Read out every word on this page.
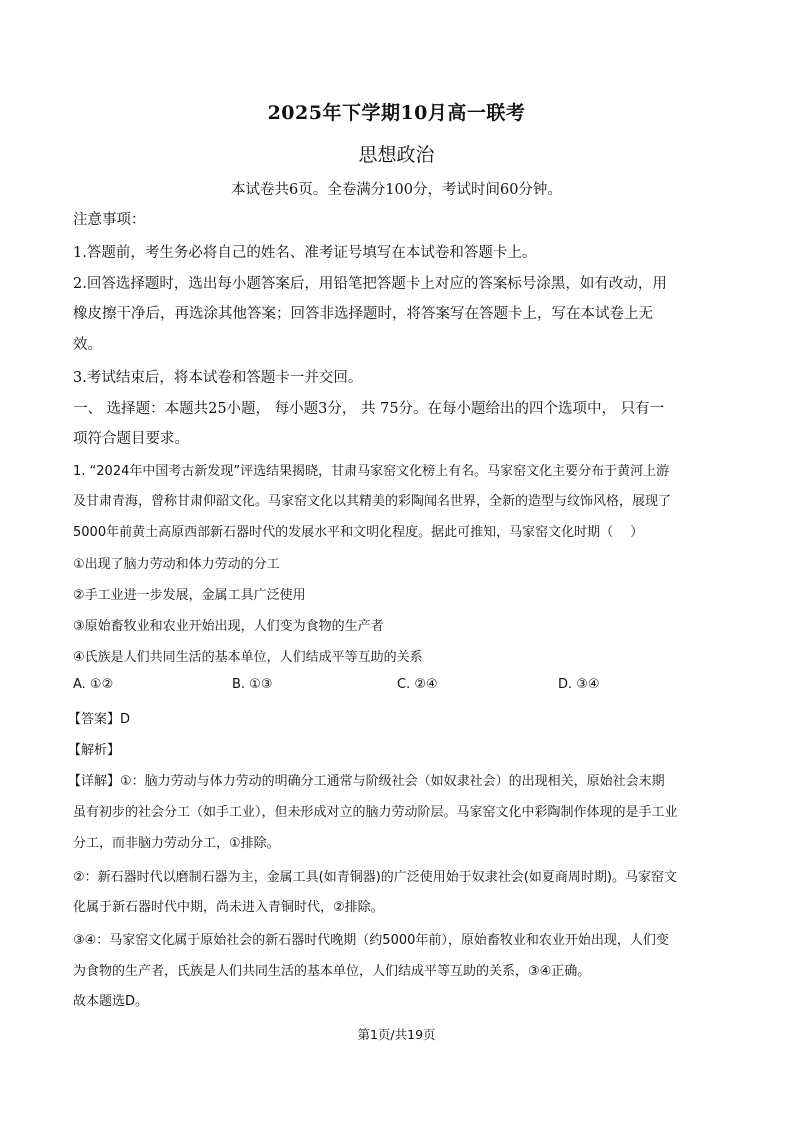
2025年下学期10月高一联考
思想政治
本试卷共6页。全卷满分100分，考试时间60分钟。
注意事项：
1.答题前，考生务必将自己的姓名、准考证号填写在本试卷和答题卡上。
2.回答选择题时，选出每小题答案后，用铅笔把答题卡上对应的答案标号涂黑，如有改动，用
橡皮擦干净后，再选涂其他答案；回答非选择题时，将答案写在答题卡上，写在本试卷上无
效。
3.考试结束后，将本试卷和答题卡一并交回。
一、 选择题：本题共25小题， 每小题3分， 共 75分。在每小题给出的四个选项中， 只有一
项符合题目要求。
1. “2024年中国考古新发现”评选结果揭晓，甘肃马家窑文化榜上有名。马家窑文化主要分布于黄河上游
及甘肃青海，曾称甘肃仰韶文化。马家窑文化以其精美的彩陶闻名世界，全新的造型与纹饰风格，展现了
5000年前黄土高原西部新石器时代的发展水平和文明化程度。据此可推知，马家窑文化时期（　 ）
①出现了脑力劳动和体力劳动的分工
②手工业进一步发展，金属工具广泛使用
③原始畜牧业和农业开始出现，人们变为食物的生产者
④氏族是人们共同生活的基本单位，人们结成平等互助的关系
A. ①②	B. ①③	C. ②④	D. ③④
【答案】D
【解析】
【详解】①：脑力劳动与体力劳动的明确分工通常与阶级社会（如奴隶社会）的出现相关，原始社会末期
虽有初步的社会分工（如手工业），但未形成对立的脑力劳动阶层。马家窑文化中彩陶制作体现的是手工业
分工，而非脑力劳动分工，①排除。
②：新石器时代以磨制石器为主，金属工具(如青铜器)的广泛使用始于奴隶社会(如夏商周时期)。马家窑文
化属于新石器时代中期，尚未进入青铜时代，②排除。
③④：马家窑文化属于原始社会的新石器时代晚期（约5000年前），原始畜牧业和农业开始出现，人们变
为食物的生产者，氏族是人们共同生活的基本单位，人们结成平等互助的关系，③④正确。
故本题选D。
第1页/共19页
